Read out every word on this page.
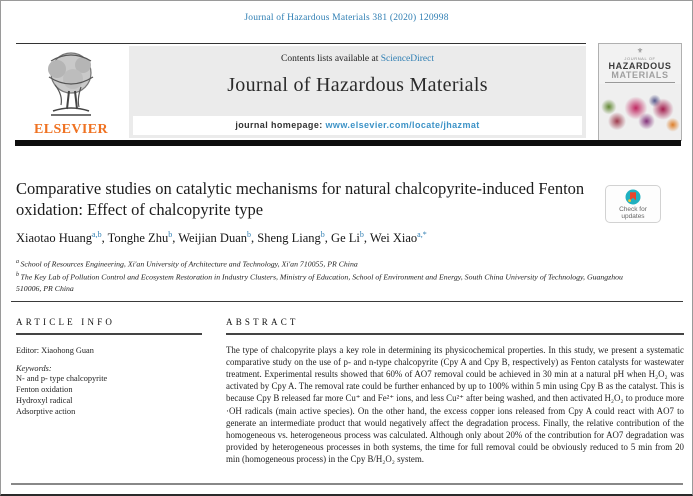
Journal of Hazardous Materials 381 (2020) 120998
ELSEVIER
Contents lists available at ScienceDirect
Journal of Hazardous Materials
journal homepage: www.elsevier.com/locate/jhazmat
⚜
JOURNAL OF
HAZARDOUS
MATERIALS
Comparative studies on catalytic mechanisms for natural chalcopyrite-induced Fenton oxidation: Effect of chalcopyrite type	Check for updates
Xiaotao Huang$^{a,b}$, Tonghe Zhu$^b$, Weijian Duan$^b$, Sheng Liang$^b$, Ge Li$^b$, Wei Xiao$^{a,*}$
$^a$ School of Resources Engineering, Xi'an University of Architecture and Technology, Xi'an 710055, PR China
$^b$ The Key Lab of Pollution Control and Ecosystem Restoration in Industry Clusters, Ministry of Education, School of Environment and Energy, South China University of Technology, Guangzhou 510006, PR China
ARTICLE INFO
Editor: Xiaohong Guan
Keywords:
N- and p- type chalcopyrite
Fenton oxidation
Hydroxyl radical
Adsorptive action
ABSTRACT
The type of chalcopyrite plays a key role in determining its physicochemical properties. In this study, we present a systematic comparative study on the use of p- and n-type chalcopyrite (Cpy A and Cpy B, respectively) as Fenton catalysts for wastewater treatment. Experimental results showed that 60% of AO7 removal could be achieved in 30 min at a natural pH when H₂O₂ was activated by Cpy A. The removal rate could be further enhanced by up to 100% within 5 min using Cpy B as the catalyst. This is because Cpy B released far more Cu⁺ and Fe²⁺ ions, and less Cu²⁺ after being washed, and then activated H₂O₂ to produce more ·OH radicals (main active species). On the other hand, the excess copper ions released from Cpy A could react with AO7 to generate an intermediate product that would negatively affect the degradation process. Finally, the relative contribution of the homogeneous vs. heterogeneous process was calculated. Although only about 20% of the contribution for AO7 degradation was provided by heterogeneous processes in both systems, the time for full removal could be obviously reduced to 5 min from 20 min (homogeneous process) in the Cpy B/H₂O₂ system.
